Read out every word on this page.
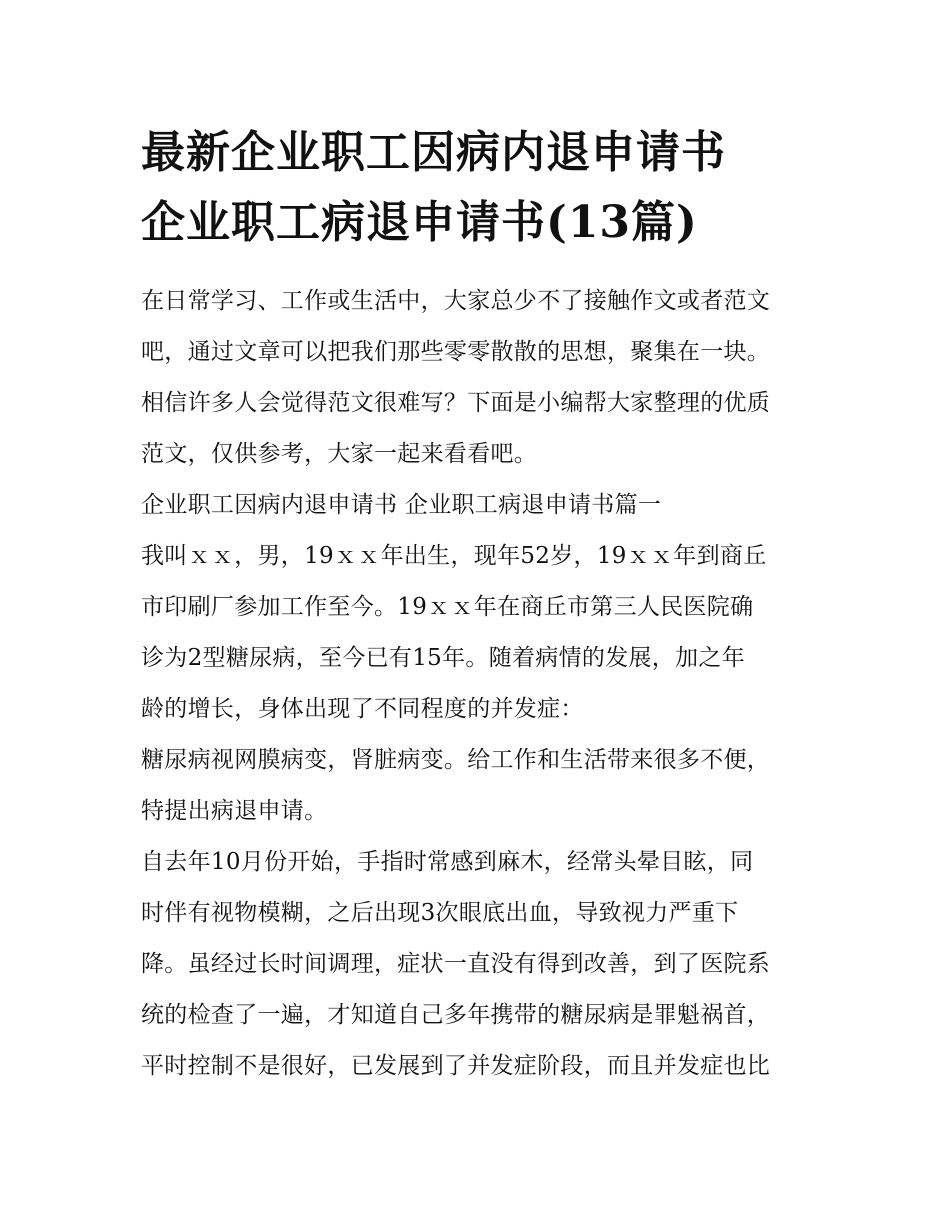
最新企业职工因病内退申请书
企业职工病退申请书(13篇)
在日常学习、工作或生活中，大家总少不了接触作文或者范文
吧，通过文章可以把我们那些零零散散的思想，聚集在一块。
相信许多人会觉得范文很难写？下面是小编帮大家整理的优质
范文，仅供参考，大家一起来看看吧。
企业职工因病内退申请书 企业职工病退申请书篇一
我叫ｘｘ，男，19ｘｘ年出生，现年52岁，19ｘｘ年到商丘
市印刷厂参加工作至今。19ｘｘ年在商丘市第三人民医院确
诊为2型糖尿病，至今已有15年。随着病情的发展，加之年
龄的增长，身体出现了不同程度的并发症：
糖尿病视网膜病变，肾脏病变。给工作和生活带来很多不便，
特提出病退申请。
自去年10月份开始，手指时常感到麻木，经常头晕目眩，同
时伴有视物模糊，之后出现3次眼底出血，导致视力严重下
降。虽经过长时间调理，症状一直没有得到改善，到了医院系
统的检查了一遍，才知道自己多年携带的糖尿病是罪魁祸首，
平时控制不是很好，已发展到了并发症阶段，而且并发症也比
